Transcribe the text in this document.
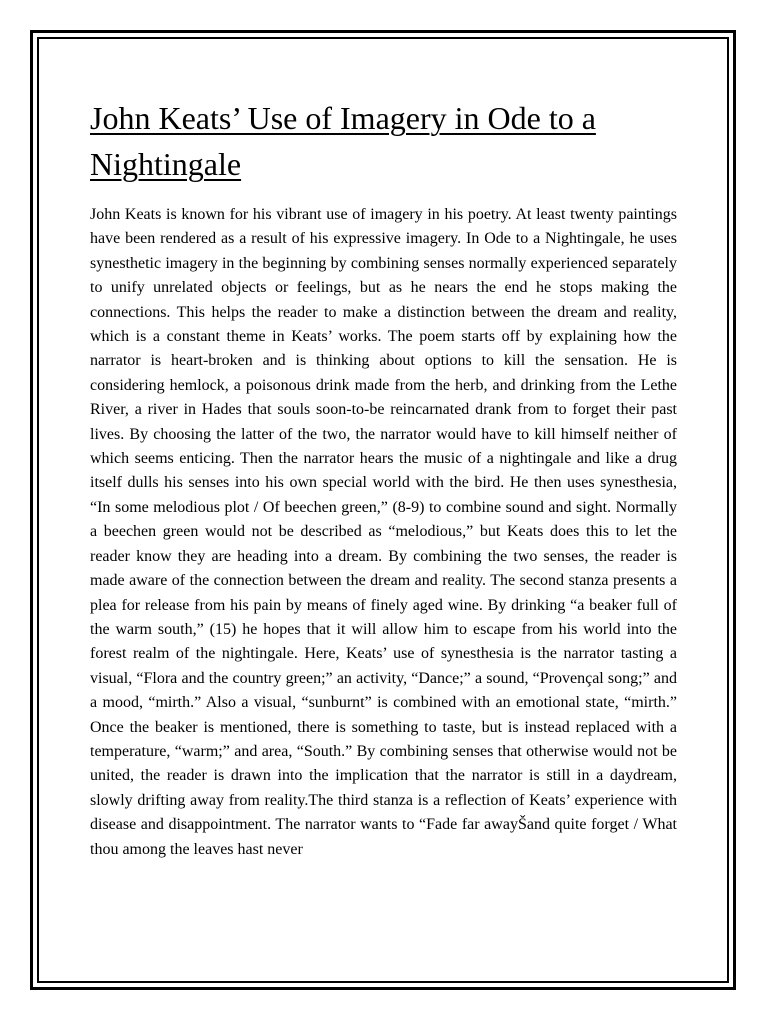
John Keats’ Use of Imagery in Ode to a Nightingale

John Keats is known for his vibrant use of imagery in his poetry. At least twenty paintings have been rendered as a result of his expressive imagery. In Ode to a Nightingale, he uses synesthetic imagery in the beginning by combining senses normally experienced separately to unify unrelated objects or feelings, but as he nears the end he stops making the connections. This helps the reader to make a distinction between the dream and reality, which is a constant theme in Keats’ works. The poem starts off by explaining how the narrator is heart-broken and is thinking about options to kill the sensation. He is considering hemlock, a poisonous drink made from the herb, and drinking from the Lethe River, a river in Hades that souls soon-to-be reincarnated drank from to forget their past lives. By choosing the latter of the two, the narrator would have to kill himself neither of which seems enticing. Then the narrator hears the music of a nightingale and like a drug itself dulls his senses into his own special world with the bird. He then uses synesthesia, “In some melodious plot / Of beechen green,” (8-9) to combine sound and sight. Normally a beechen green would not be described as “melodious,” but Keats does this to let the reader know they are heading into a dream. By combining the two senses, the reader is made aware of the connection between the dream and reality. The second stanza presents a plea for release from his pain by means of finely aged wine. By drinking “a beaker full of the warm south,” (15) he hopes that it will allow him to escape from his world into the forest realm of the nightingale. Here, Keats’ use of synesthesia is the narrator tasting a visual, “Flora and the country green;” an activity, “Dance;” a sound, “Provençal song;” and a mood, “mirth.” Also a visual, “sunburnt” is combined with an emotional state, “mirth.” Once the beaker is mentioned, there is something to taste, but is instead replaced with a temperature, “warm;” and area, “South.” By combining senses that otherwise would not be united, the reader is drawn into the implication that the narrator is still in a daydream, slowly drifting away from reality.The third stanza is a reflection of Keats’ experience with disease and disappointment. The narrator wants to “Fade far awayŠand quite forget / What thou among the leaves hast never
